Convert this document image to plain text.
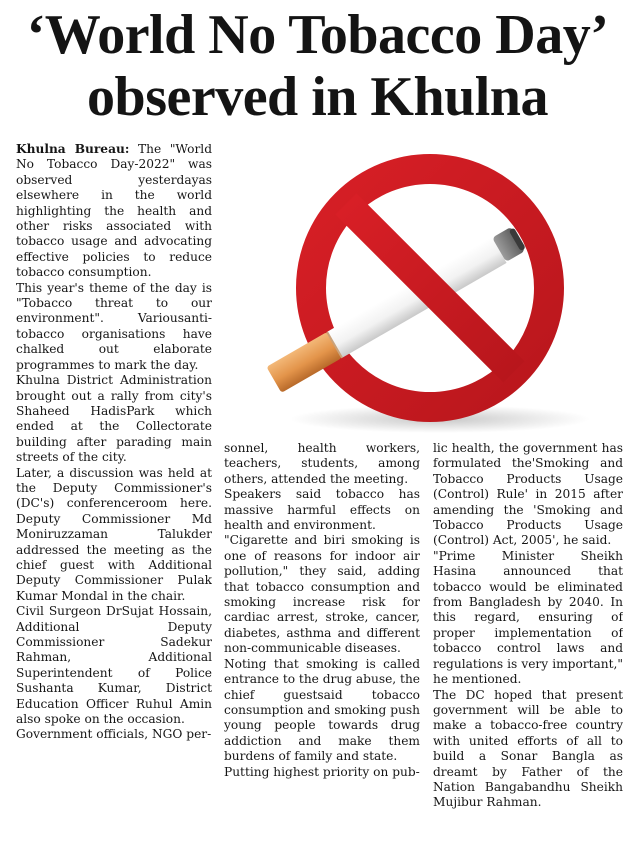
‘World No Tobacco Day’
observed in Khulna

Khulna Bureau: The "World No Tobacco Day-2022" was observed yesterdayas elsewhere in the world highlighting the health and other risks associated with tobacco usage and advocating effective policies to reduce tobacco consumption.

This year's theme of the day is "Tobacco threat to our environment". Variousanti-tobacco organisations have chalked out elaborate programmes to mark the day.

Khulna District Administration brought out a rally from city's Shaheed HadisPark which ended at the Collectorate building after parading main streets of the city.

Later, a discussion was held at the Deputy Commissioner's (DC's) conferenceroom here. Deputy Commissioner Md Moniruzzaman Talukder addressed the meeting as the chief guest with Additional Deputy Commissioner Pulak Kumar Mondal in the chair.

Civil Surgeon DrSujat Hossain, Additional Deputy Commissioner Sadekur Rahman, Additional Superintendent of Police Sushanta Kumar, District Education Officer Ruhul Amin also spoke on the occasion.

Government officials, NGO per-

sonnel, health workers, teachers, students, among others, attended the meeting.

Speakers said tobacco has massive harmful effects on health and environment.

"Cigarette and biri smoking is one of reasons for indoor air pollution," they said, adding that tobacco consumption and smoking increase risk for cardiac arrest, stroke, cancer, diabetes, asthma and different non-communicable diseases.

Noting that smoking is called entrance to the drug abuse, the chief guestsaid tobacco consumption and smoking push young people towards drug addiction and make them burdens of family and state.

Putting highest priority on pub-

lic health, the government has formulated the'Smoking and Tobacco Products Usage (Control) Rule' in 2015 after amending the 'Smoking and Tobacco Products Usage (Control) Act, 2005', he said.

"Prime Minister Sheikh Hasina announced that tobacco would be eliminated from Bangladesh by 2040. In this regard, ensuring of proper implementation of tobacco control laws and regulations is very important," he mentioned.

The DC hoped that present government will be able to make a tobacco-free country with united efforts of all to build a Sonar Bangla as dreamt by Father of the Nation Bangabandhu Sheikh Mujibur Rahman.
